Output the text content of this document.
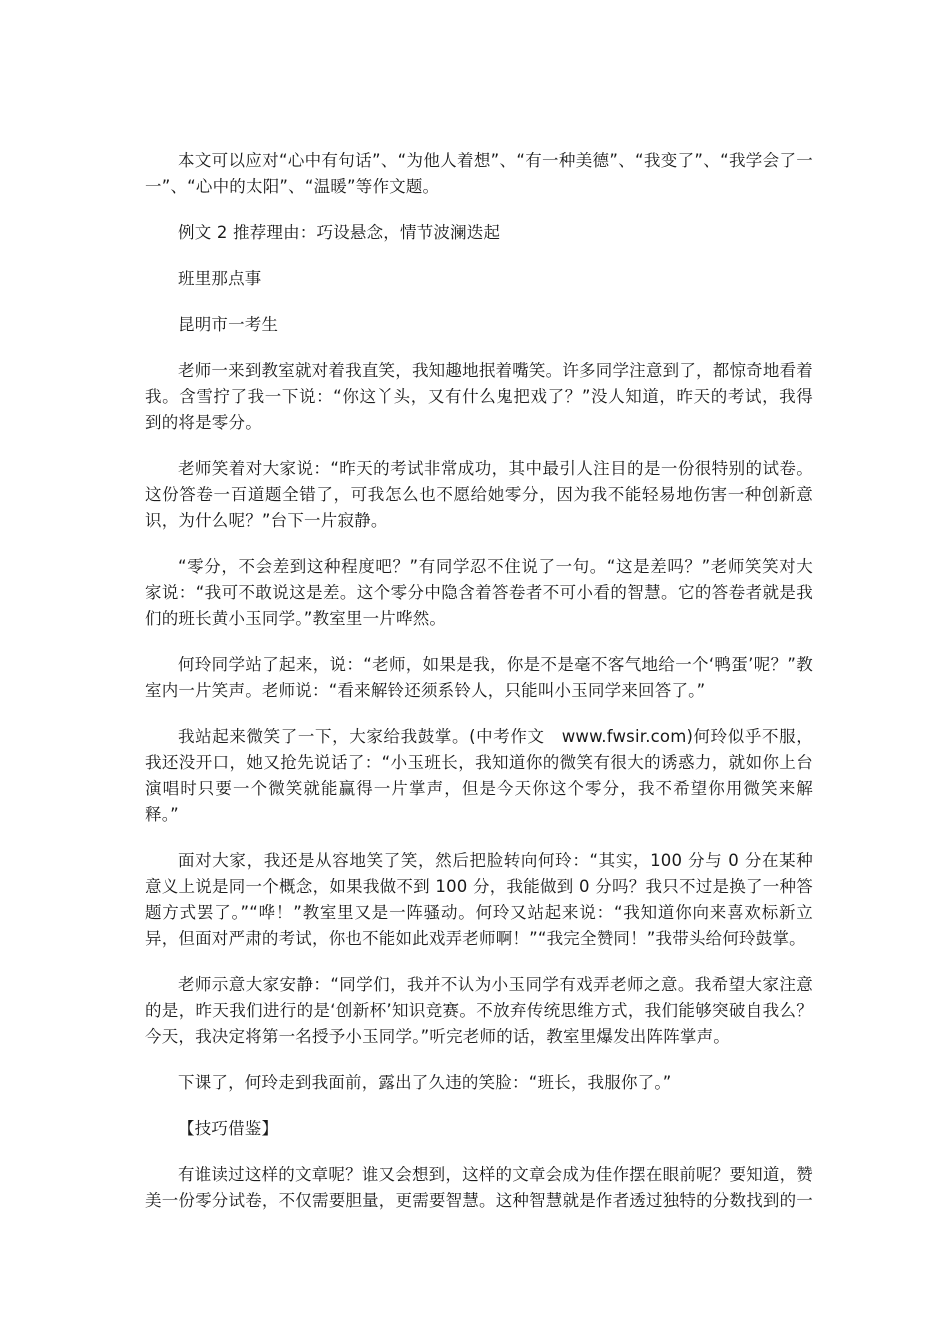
本文可以应对“心中有句话”、“为他人着想”、“有一种美德”、“我变了”、“我学会了一一”、“心中的太阳”、“温暖”等作文题。

例文 2 推荐理由：巧设悬念，情节波澜迭起

班里那点事

昆明市一考生

老师一来到教室就对着我直笑，我知趣地抿着嘴笑。许多同学注意到了，都惊奇地看着我。含雪拧了我一下说：“你这丫头，又有什么鬼把戏了？”没人知道，昨天的考试，我得到的将是零分。

老师笑着对大家说：“昨天的考试非常成功，其中最引人注目的是一份很特别的试卷。这份答卷一百道题全错了，可我怎么也不愿给她零分，因为我不能轻易地伤害一种创新意识，为什么呢？”台下一片寂静。

“零分，不会差到这种程度吧？”有同学忍不住说了一句。“这是差吗？”老师笑笑对大家说：“我可不敢说这是差。这个零分中隐含着答卷者不可小看的智慧。它的答卷者就是我们的班长黄小玉同学。”教室里一片哗然。

何玲同学站了起来，说：“老师，如果是我，你是不是毫不客气地给一个‘鸭蛋’呢？”教室内一片笑声。老师说：“看来解铃还须系铃人，只能叫小玉同学来回答了。”

我站起来微笑了一下，大家给我鼓掌。(中考作文　www.fwsir.com)何玲似乎不服，我还没开口，她又抢先说话了：“小玉班长，我知道你的微笑有很大的诱惑力，就如你上台演唱时只要一个微笑就能赢得一片掌声，但是今天你这个零分，我不希望你用微笑来解释。”

面对大家，我还是从容地笑了笑，然后把脸转向何玲：“其实，100 分与 0 分在某种意义上说是同一个概念，如果我做不到 100 分，我能做到 0 分吗？我只不过是换了一种答题方式罢了。”“哗！”教室里又是一阵骚动。何玲又站起来说：“我知道你向来喜欢标新立异，但面对严肃的考试，你也不能如此戏弄老师啊！”“我完全赞同！”我带头给何玲鼓掌。

老师示意大家安静：“同学们，我并不认为小玉同学有戏弄老师之意。我希望大家注意的是，昨天我们进行的是‘创新杯’知识竞赛。不放弃传统思维方式，我们能够突破自我么？今天，我决定将第一名授予小玉同学。”听完老师的话，教室里爆发出阵阵掌声。

下课了，何玲走到我面前，露出了久违的笑脸：“班长，我服你了。”

【技巧借鉴】

有谁读过这样的文章呢？谁又会想到，这样的文章会成为佳作摆在眼前呢？要知道，赞美一份零分试卷，不仅需要胆量，更需要智慧。这种智慧就是作者透过独特的分数找到的一
